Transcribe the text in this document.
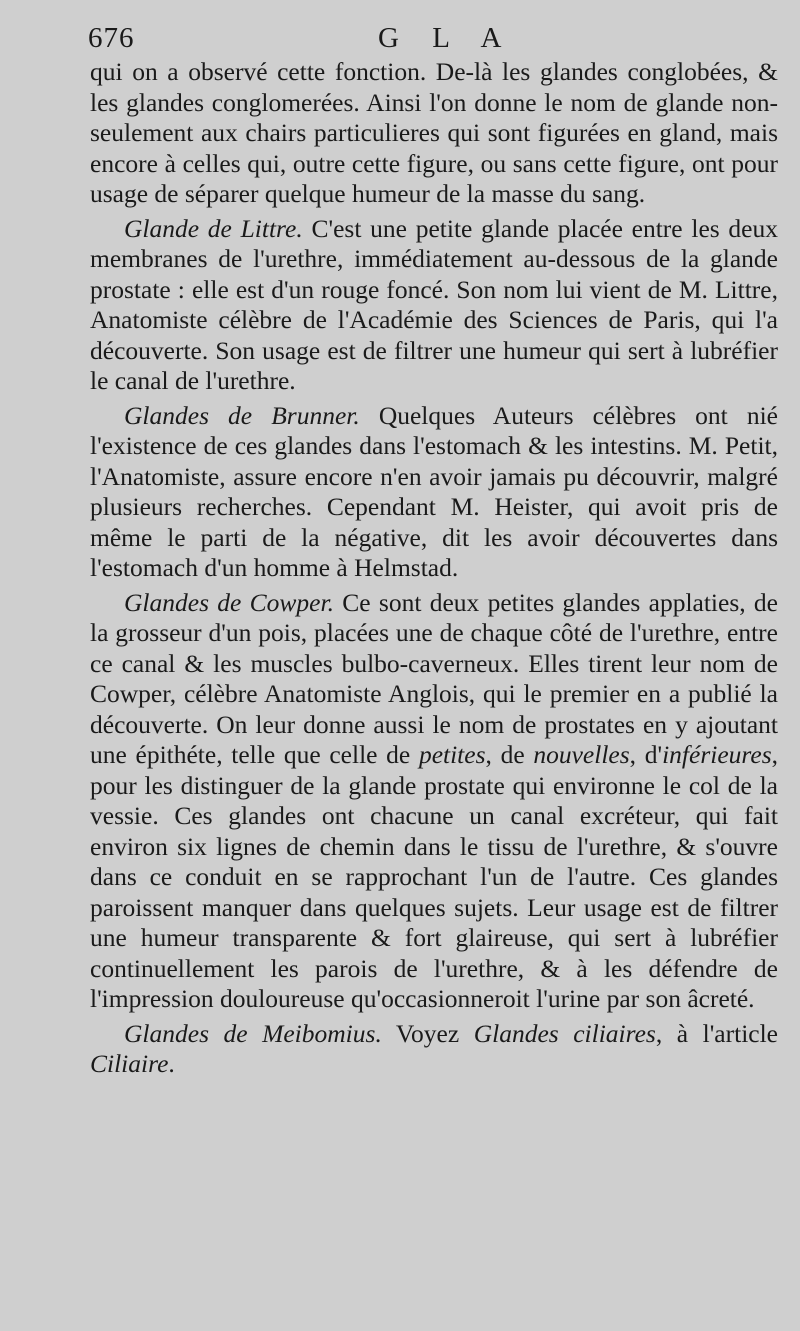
676	G L A

qui on a observé cette fonction. De-là les glandes conglobées, & les glandes conglomerées. Ainsi l'on donne le nom de glande non-seulement aux chairs particulieres qui sont figurées en gland, mais encore à celles qui, outre cette figure, ou sans cette figure, ont pour usage de séparer quelque humeur de la masse du sang.

Glande de Littre. C'est une petite glande placée entre les deux membranes de l'urethre, immédiatement au-dessous de la glande prostate : elle est d'un rouge foncé. Son nom lui vient de M. Littre, Anatomiste célèbre de l'Académie des Sciences de Paris, qui l'a découverte. Son usage est de filtrer une humeur qui sert à lubréfier le canal de l'urethre.

Glandes de Brunner. Quelques Auteurs célèbres ont nié l'existence de ces glandes dans l'estomach & les intestins. M. Petit, l'Anatomiste, assure encore n'en avoir jamais pu découvrir, malgré plusieurs recherches. Cependant M. Heister, qui avoit pris de même le parti de la négative, dit les avoir découvertes dans l'estomach d'un homme à Helmstad.

Glandes de Cowper. Ce sont deux petites glandes applaties, de la grosseur d'un pois, placées une de chaque côté de l'urethre, entre ce canal & les muscles bulbo-caverneux. Elles tirent leur nom de Cowper, célèbre Anatomiste Anglois, qui le premier en a publié la découverte. On leur donne aussi le nom de prostates en y ajoutant une épithéte, telle que celle de petites, de nouvelles, d'inférieures, pour les distinguer de la glande prostate qui environne le col de la vessie. Ces glandes ont chacune un canal excréteur, qui fait environ six lignes de chemin dans le tissu de l'urethre, & s'ouvre dans ce conduit en se rapprochant l'un de l'autre. Ces glandes paroissent manquer dans quelques sujets. Leur usage est de filtrer une humeur transparente & fort glaireuse, qui sert à lubréfier continuellement les parois de l'urethre, & à les défendre de l'impression douloureuse qu'occasionneroit l'urine par son âcreté.

Glandes de Meibomius. Voyez Glandes ciliaires, à l'article Ciliaire.
